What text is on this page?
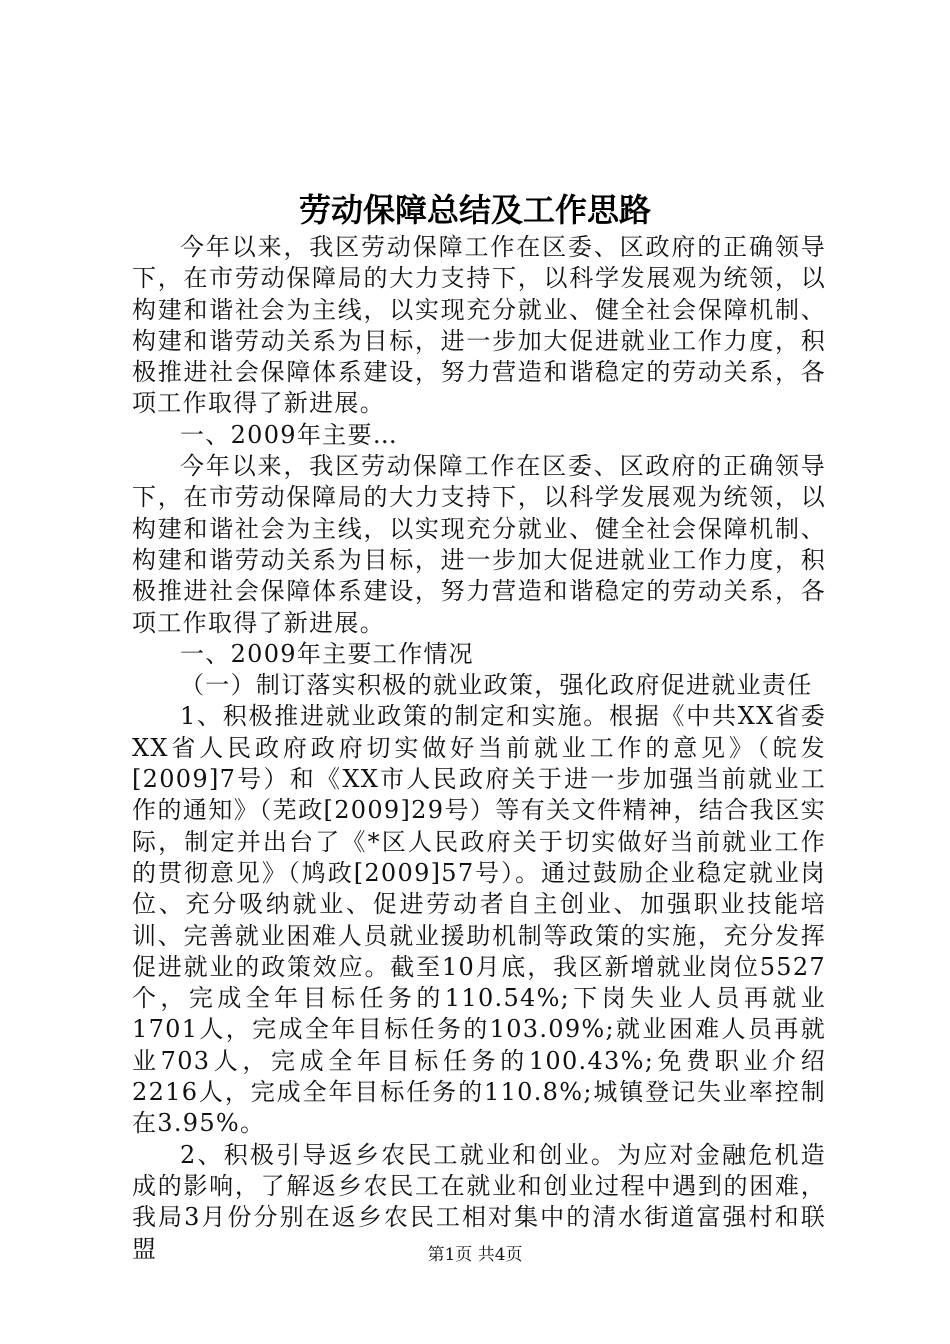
劳动保障总结及工作思路

今年以来，我区劳动保障工作在区委、区政府的正确领导下，在市劳动保障局的大力支持下，以科学发展观为统领，以构建和谐社会为主线，以实现充分就业、健全社会保障机制、构建和谐劳动关系为目标，进一步加大促进就业工作力度，积极推进社会保障体系建设，努力营造和谐稳定的劳动关系，各项工作取得了新进展。

一、2009年主要…

今年以来，我区劳动保障工作在区委、区政府的正确领导下，在市劳动保障局的大力支持下，以科学发展观为统领，以构建和谐社会为主线，以实现充分就业、健全社会保障机制、构建和谐劳动关系为目标，进一步加大促进就业工作力度，积极推进社会保障体系建设，努力营造和谐稳定的劳动关系，各项工作取得了新进展。

一、2009年主要工作情况

（一）制订落实积极的就业政策，强化政府促进就业责任

1、积极推进就业政策的制定和实施。根据《中共XX省委XX省人民政府政府切实做好当前就业工作的意见》（皖发[2009]7号）和《XX市人民政府关于进一步加强当前就业工作的通知》（芜政[2009]29号）等有关文件精神，结合我区实际，制定并出台了《*区人民政府关于切实做好当前就业工作的贯彻意见》（鸠政[2009]57号）。通过鼓励企业稳定就业岗位、充分吸纳就业、促进劳动者自主创业、加强职业技能培训、完善就业困难人员就业援助机制等政策的实施，充分发挥促进就业的政策效应。截至10月底，我区新增就业岗位5527个，完成全年目标任务的110.54%;下岗失业人员再就业1701人，完成全年目标任务的103.09%;就业困难人员再就业703人，完成全年目标任务的100.43%;免费职业介绍2216人，完成全年目标任务的110.8%;城镇登记失业率控制在3.95%。

2、积极引导返乡农民工就业和创业。为应对金融危机造成的影响，了解返乡农民工在就业和创业过程中遇到的困难，我局3月份分别在返乡农民工相对集中的清水街道富强村和联盟	第1页 共4页
